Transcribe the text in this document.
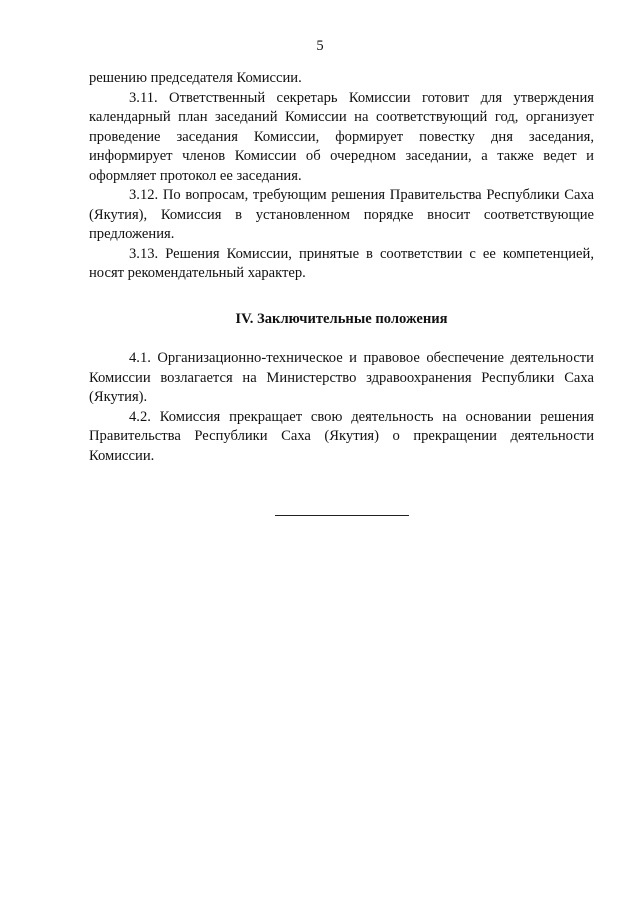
5

решению председателя Комиссии.

3.11. Ответственный секретарь Комиссии готовит для утверждения календарный план заседаний Комиссии на соответствующий год, организует проведение заседания Комиссии, формирует повестку дня заседания, информирует членов Комиссии об очередном заседании, а также ведет и оформляет протокол ее заседания.

3.12. По вопросам, требующим решения Правительства Республики Саха (Якутия), Комиссия в установленном порядке вносит соответствующие предложения.

3.13. Решения Комиссии, принятые в соответствии с ее компетенцией, носят рекомендательный характер.

IV. Заключительные положения

4.1. Организационно-техническое и правовое обеспечение деятельности Комиссии возлагается на Министерство здравоохранения Республики Саха (Якутия).

4.2. Комиссия прекращает свою деятельность на основании решения Правительства Республики Саха (Якутия) о прекращении деятельности Комиссии.
